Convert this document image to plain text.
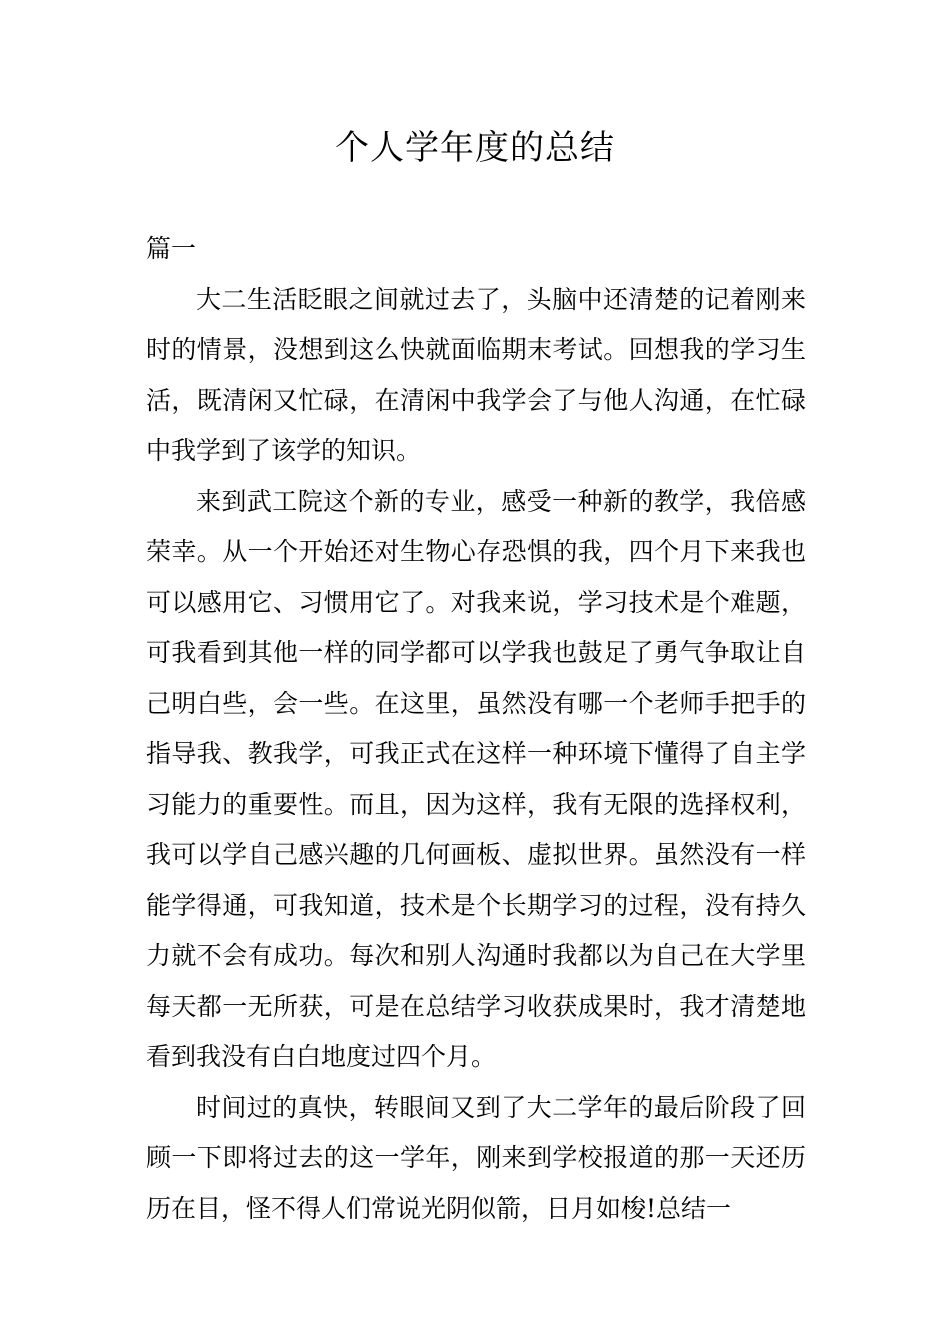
个人学年度的总结

篇一

大二生活眨眼之间就过去了，头脑中还清楚的记着刚来时的情景，没想到这么快就面临期末考试。回想我的学习生活，既清闲又忙碌，在清闲中我学会了与他人沟通，在忙碌中我学到了该学的知识。

来到武工院这个新的专业，感受一种新的教学，我倍感荣幸。从一个开始还对生物心存恐惧的我，四个月下来我也可以感用它、习惯用它了。对我来说，学习技术是个难题，可我看到其他一样的同学都可以学我也鼓足了勇气争取让自己明白些，会一些。在这里，虽然没有哪一个老师手把手的指导我、教我学，可我正式在这样一种环境下懂得了自主学习能力的重要性。而且，因为这样，我有无限的选择权利，我可以学自己感兴趣的几何画板、虚拟世界。虽然没有一样能学得通，可我知道，技术是个长期学习的过程，没有持久力就不会有成功。每次和别人沟通时我都以为自己在大学里每天都一无所获，可是在总结学习收获成果时，我才清楚地看到我没有白白地度过四个月。

时间过的真快，转眼间又到了大二学年的最后阶段了回顾一下即将过去的这一学年，刚来到学校报道的那一天还历历在目，怪不得人们常说光阴似箭，日月如梭!总结一
